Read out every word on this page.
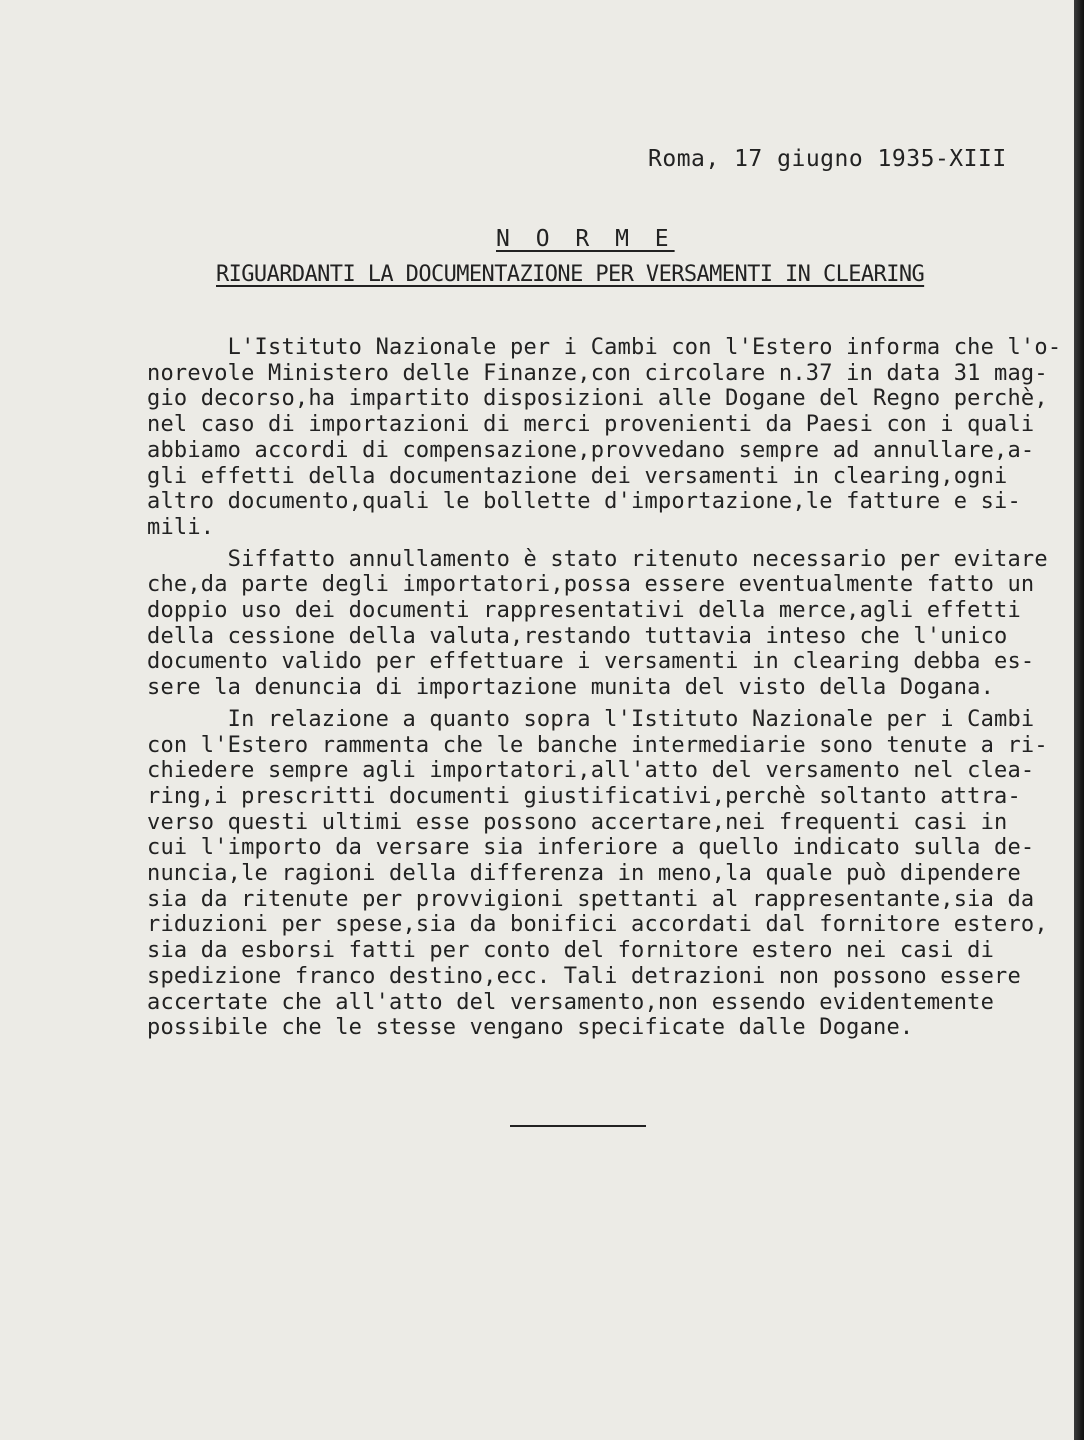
Roma, 17 giugno 1935-XIII
N O R M E
RIGUARDANTI LA DOCUMENTAZIONE PER VERSAMENTI IN CLEARING
L'Istituto Nazionale per i Cambi con l'Estero informa che l'o-
norevole Ministero delle Finanze,con circolare n.37 in data 31 mag-
gio decorso,ha impartito disposizioni alle Dogane del Regno perchè,
nel caso di importazioni di merci provenienti da Paesi con i quali
abbiamo accordi di compensazione,provvedano sempre ad annullare,a-
gli effetti della documentazione dei versamenti in clearing,ogni
altro documento,quali le bollette d'importazione,le fatture e si-
mili.
Siffatto annullamento è stato ritenuto necessario per evitare
che,da parte degli importatori,possa essere eventualmente fatto un
doppio uso dei documenti rappresentativi della merce,agli effetti
della cessione della valuta,restando tuttavia inteso che l'unico
documento valido per effettuare i versamenti in clearing debba es-
sere la denuncia di importazione munita del visto della Dogana.
In relazione a quanto sopra l'Istituto Nazionale per i Cambi
con l'Estero rammenta che le banche intermediarie sono tenute a ri-
chiedere sempre agli importatori,all'atto del versamento nel clea-
ring,i prescritti documenti giustificativi,perchè soltanto attra-
verso questi ultimi esse possono accertare,nei frequenti casi in
cui l'importo da versare sia inferiore a quello indicato sulla de-
nuncia,le ragioni della differenza in meno,la quale può dipendere
sia da ritenute per provvigioni spettanti al rappresentante,sia da
riduzioni per spese,sia da bonifici accordati dal fornitore estero,
sia da esborsi fatti per conto del fornitore estero nei casi di
spedizione franco destino,ecc. Tali detrazioni non possono essere
accertate che all'atto del versamento,non essendo evidentemente
possibile che le stesse vengano specificate dalle Dogane.
